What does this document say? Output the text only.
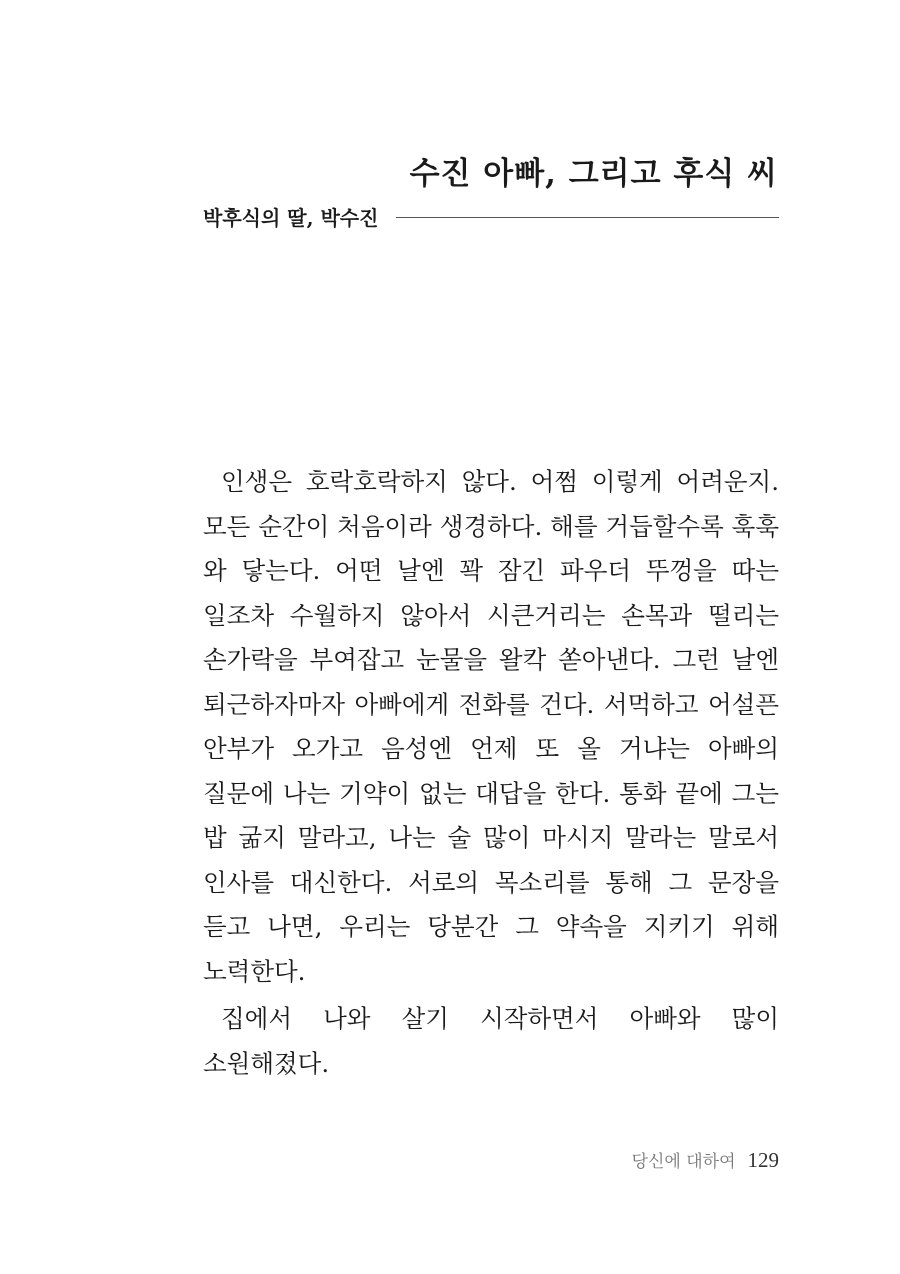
수진 아빠, 그리고 후식 씨
박후식의 딸, 박수진

인생은 호락호락하지 않다. 어쩜 이렇게 어려운지. 모든 순간이 처음이라 생경하다. 해를 거듭할수록 훅훅 와 닿는다. 어떤 날엔 꽉 잠긴 파우더 뚜껑을 따는 일조차 수월하지 않아서 시큰거리는 손목과 떨리는 손가락을 부여잡고 눈물을 왈칵 쏟아낸다. 그런 날엔 퇴근하자마자 아빠에게 전화를 건다. 서먹하고 어설픈 안부가 오가고 음성엔 언제 또 올 거냐는 아빠의 질문에 나는 기약이 없는 대답을 한다. 통화 끝에 그는 밥 굶지 말라고, 나는 술 많이 마시지 말라는 말로서 인사를 대신한다. 서로의 목소리를 통해 그 문장을 듣고 나면, 우리는 당분간 그 약속을 지키기 위해 노력한다.

집에서 나와 살기 시작하면서 아빠와 많이 소원해졌다.

당신에 대하여 129
